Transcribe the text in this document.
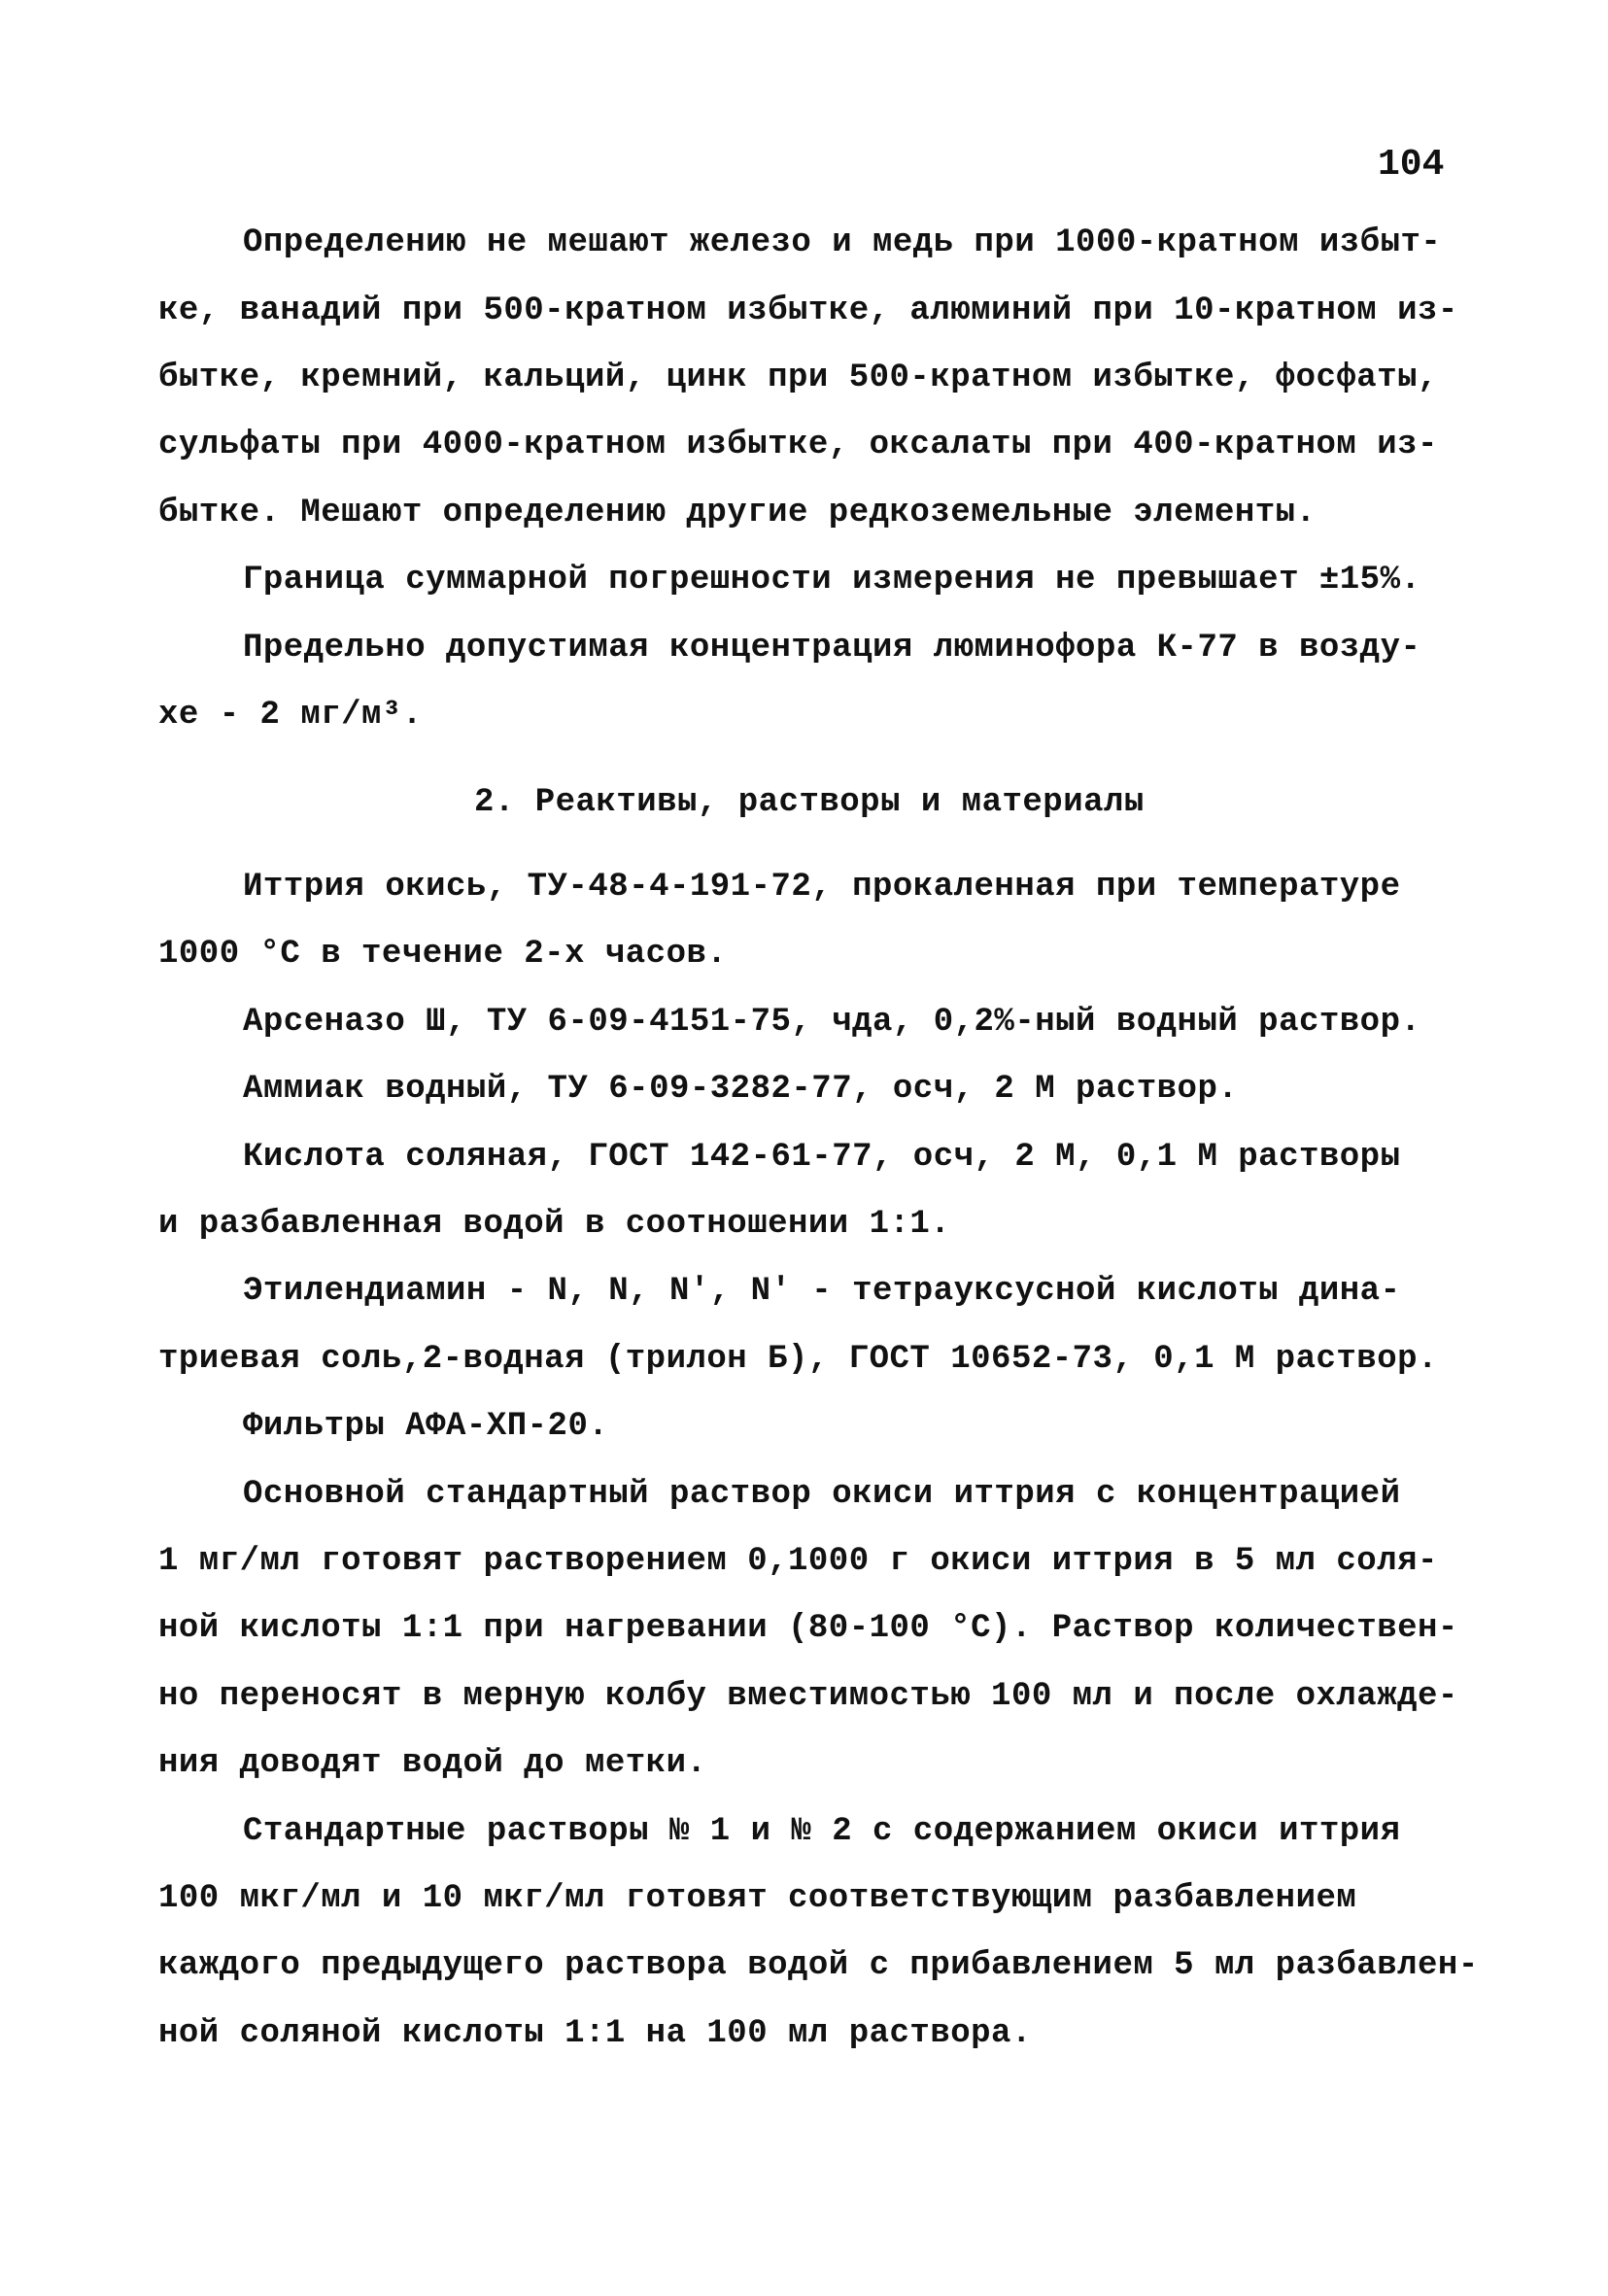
104
Определению не мешают железо и медь при 1000-кратном избыт-
ке, ванадий при 500-кратном избытке, алюминий при 10-кратном из-
бытке, кремний, кальций, цинк при 500-кратном избытке, фосфаты,
сульфаты при 4000-кратном избытке, оксалаты при 400-кратном из-
бытке. Мешают определению другие редкоземельные элементы.
Граница суммарной погрешности измерения не превышает ±15%.
Предельно допустимая концентрация люминофора К-77 в возду-
хе - 2 мг/м³.
2. Реактивы, растворы и материалы
Иттрия окись, ТУ-48-4-191-72, прокаленная при температуре
1000 °С в течение 2-х часов.
Арсеназо Ш, ТУ 6-09-4151-75, чда, 0,2%-ный водный раствор.
Аммиак водный, ТУ 6-09-3282-77, осч, 2 М раствор.
Кислота соляная, ГОСТ 142-61-77, осч, 2 М, 0,1 М растворы
и разбавленная водой в соотношении 1:1.
Этилендиамин - N, N, N', N' - тетрауксусной кислоты дина-
триевая соль,2-водная (трилон Б), ГОСТ 10652-73, 0,1 М раствор.
Фильтры АФА-ХП-20.
Основной стандартный раствор окиси иттрия с концентрацией
1 мг/мл готовят растворением 0,1000 г окиси иттрия в 5 мл соля-
ной кислоты 1:1 при нагревании (80-100 °С). Раствор количествен-
но переносят в мерную колбу вместимостью 100 мл и после охлажде-
ния доводят водой до метки.
Стандартные растворы № 1 и № 2 с содержанием окиси иттрия
100 мкг/мл и 10 мкг/мл готовят соответствующим разбавлением
каждого предыдущего раствора водой с прибавлением 5 мл разбавлен-
ной соляной кислоты 1:1 на 100 мл раствора.
